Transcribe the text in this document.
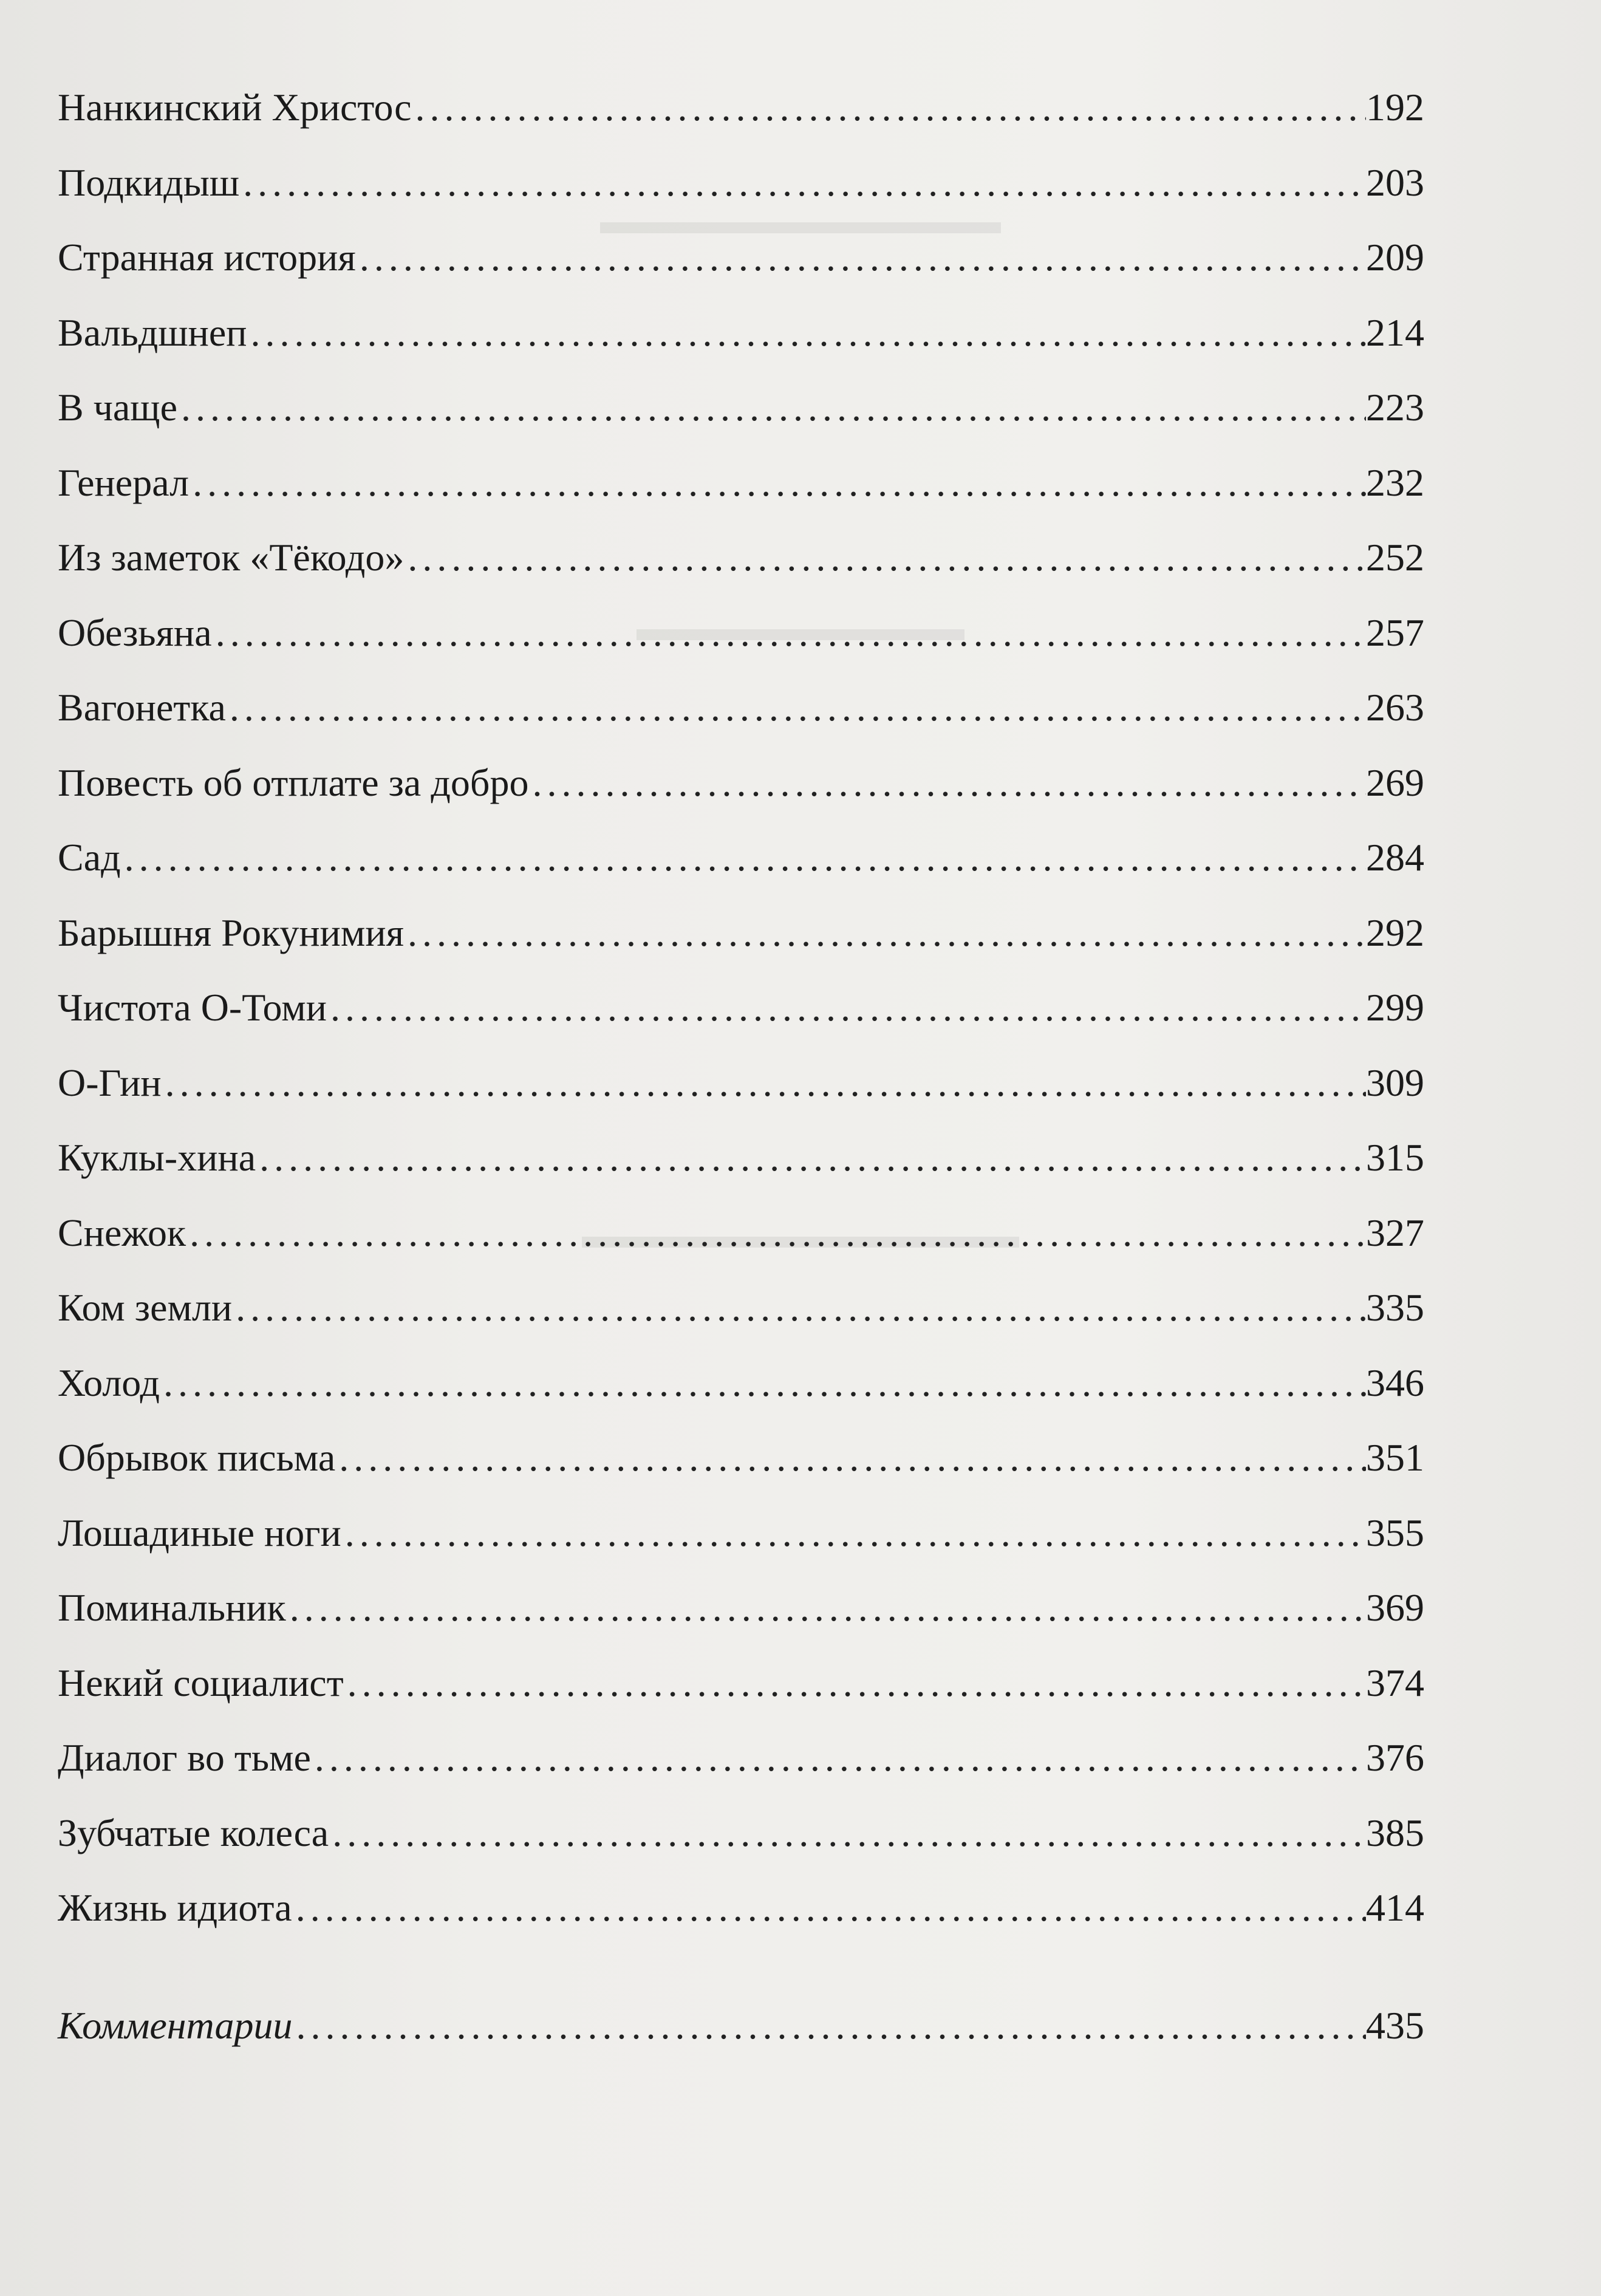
▬▬▬▬▬▬▬▬▬▬▬
▬▬▬▬▬▬▬▬▬
▬▬▬▬▬▬▬▬▬▬▬▬
Нанкинский Христос .....	192
Подкидыш .....	203
Странная история .....	209
Вальдшнеп .....	214
В чаще .....	223
Генерал .....	232
Из заметок «Тёкодо» .....	252
Обезьяна .....	257
Вагонетка .....	263
Повесть об отплате за добро .....	269
Сад .....	284
Барышня Рокунимия .....	292
Чистота О-Томи .....	299
О-Гин .....	309
Куклы-хина .....	315
Снежок .....	327
Ком земли .....	335
Холод .....	346
Обрывок письма .....	351
Лошадиные ноги .....	355
Поминальник .....	369
Некий социалист .....	374
Диалог во тьме .....	376
Зубчатые колеса .....	385
Жизнь идиота .....	414
Комментарии .....	435
